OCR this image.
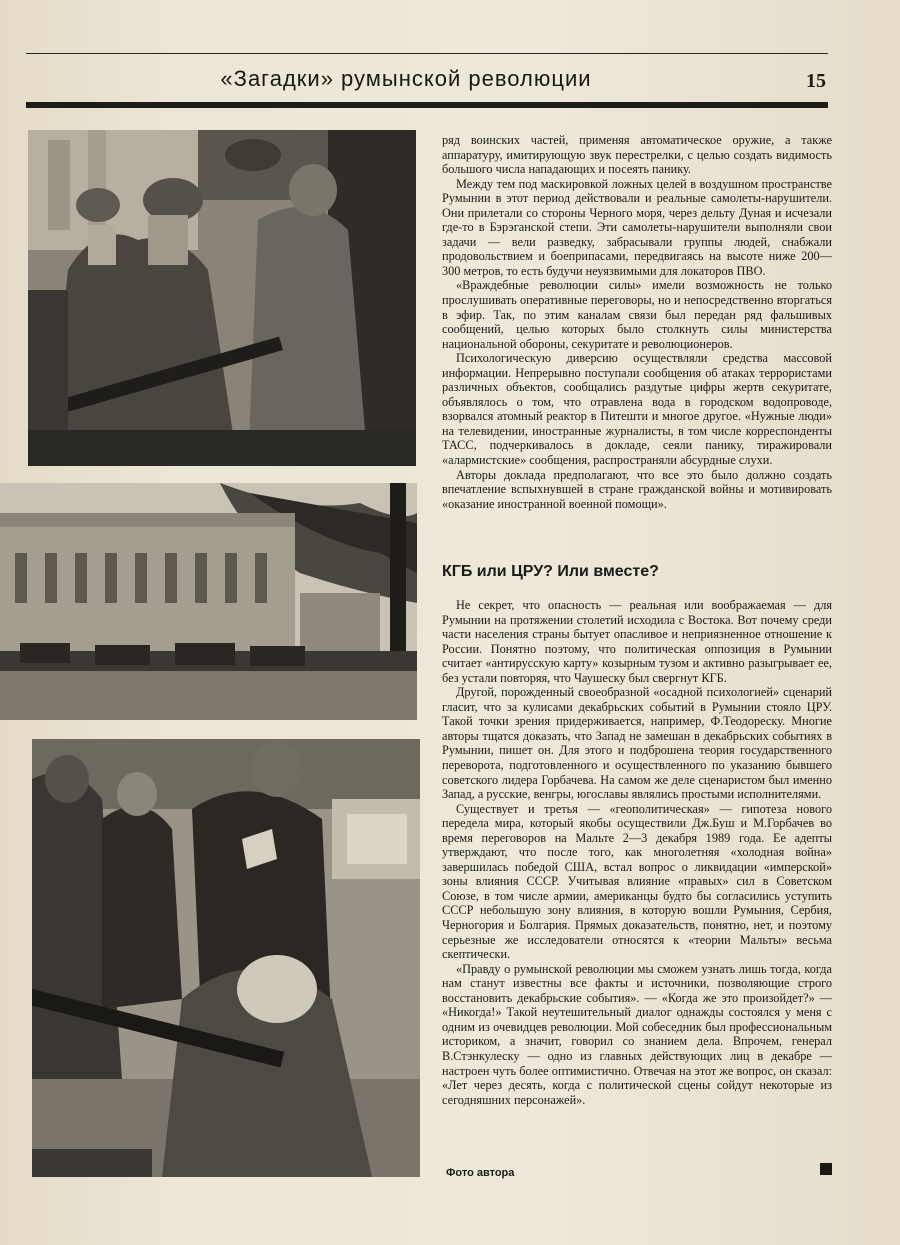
«Загадки» румынской революции	15

ряд воинских частей, применяя автоматическое оружие, а также аппаратуру, имитирующую звук перестрелки, с целью создать видимость большого числа нападающих и посеять панику.

Между тем под маскировкой ложных целей в воздушном пространстве Румынии в этот период действовали и реальные самолеты-нарушители. Они прилетали со стороны Черного моря, через дельту Дуная и исчезали где-то в Бэрэганской степи. Эти самолеты-нарушители выполняли свои задачи — вели разведку, забрасывали группы людей, снабжали продовольствием и боеприпасами, передвигаясь на высоте ниже 200—300 метров, то есть будучи неуязвимыми для локаторов ПВО.

«Враждебные революции силы» имели возможность не только прослушивать оперативные переговоры, но и непосредственно вторгаться в эфир. Так, по этим каналам связи был передан ряд фальшивых сообщений, целью которых было столкнуть силы министерства национальной обороны, секуритате и революционеров.

Психологическую диверсию осуществляли средства массовой информации. Непрерывно поступали сообщения об атаках террористами различных объектов, сообщались раздутые цифры жертв секуритате, объявлялось о том, что отравлена вода в городском водопроводе, взорвался атомный реактор в Питешти и многое другое. «Нужные люди» на телевидении, иностранные журналисты, в том числе корреспонденты ТАСС, подчеркивалось в докладе, сеяли панику, тиражировали «алармистские» сообщения, распространяли абсурдные слухи.

Авторы доклада предполагают, что все это было должно создать впечатление вспыхнувшей в стране гражданской войны и мотивировать «оказание иностранной военной помощи».

КГБ или ЦРУ? Или вместе?

Не секрет, что опасность — реальная или воображаемая — для Румынии на протяжении столетий исходила с Востока. Вот почему среди части населения страны бытует опасливое и неприязненное отношение к России. Понятно поэтому, что политическая оппозиция в Румынии считает «антирусскую карту» козырным тузом и активно разыгрывает ее, без устали повторяя, что Чаушеску был свергнут КГБ.

Другой, порожденный своеобразной «осадной психологией» сценарий гласит, что за кулисами декабрьских событий в Румынии стояло ЦРУ. Такой точки зрения придерживается, например, Ф.Теодореску. Многие авторы тщатся доказать, что Запад не замешан в декабрьских событиях в Румынии, пишет он. Для этого и подброшена теория государственного переворота, подготовленного и осуществленного по указанию бывшего советского лидера Горбачева. На самом же деле сценаристом был именно Запад, а русские, венгры, югославы являлись простыми исполнителями.

Существует и третья — «геополитическая» — гипотеза нового передела мира, который якобы осуществили Дж.Буш и М.Горбачев во время переговоров на Мальте 2—3 декабря 1989 года. Ее адепты утверждают, что после того, как многолетняя «холодная война» завершилась победой США, встал вопрос о ликвидации «имперской» зоны влияния СССР. Учитывая влияние «правых» сил в Советском Союзе, в том числе армии, американцы будто бы согласились уступить СССР небольшую зону влияния, в которую вошли Румыния, Сербия, Черногория и Болгария. Прямых доказательств, понятно, нет, и поэтому серьезные же исследователи относятся к «теории Мальты» весьма скептически.

«Правду о румынской революции мы сможем узнать лишь тогда, когда нам станут известны все факты и источники, позволяющие строго восстановить декабрьские события». — «Когда же это произойдет?» — «Никогда!» Такой неутешительный диалог однажды состоялся у меня с одним из очевидцев революции. Мой собеседник был профессиональным историком, а значит, говорил со знанием дела. Впрочем, генерал В.Стэнкулеску — одно из главных действующих лиц в декабре — настроен чуть более оптимистично. Отвечая на этот же вопрос, он сказал: «Лет через десять, когда с политической сцены сойдут некоторые из сегодняшних персонажей».

Фото автора
